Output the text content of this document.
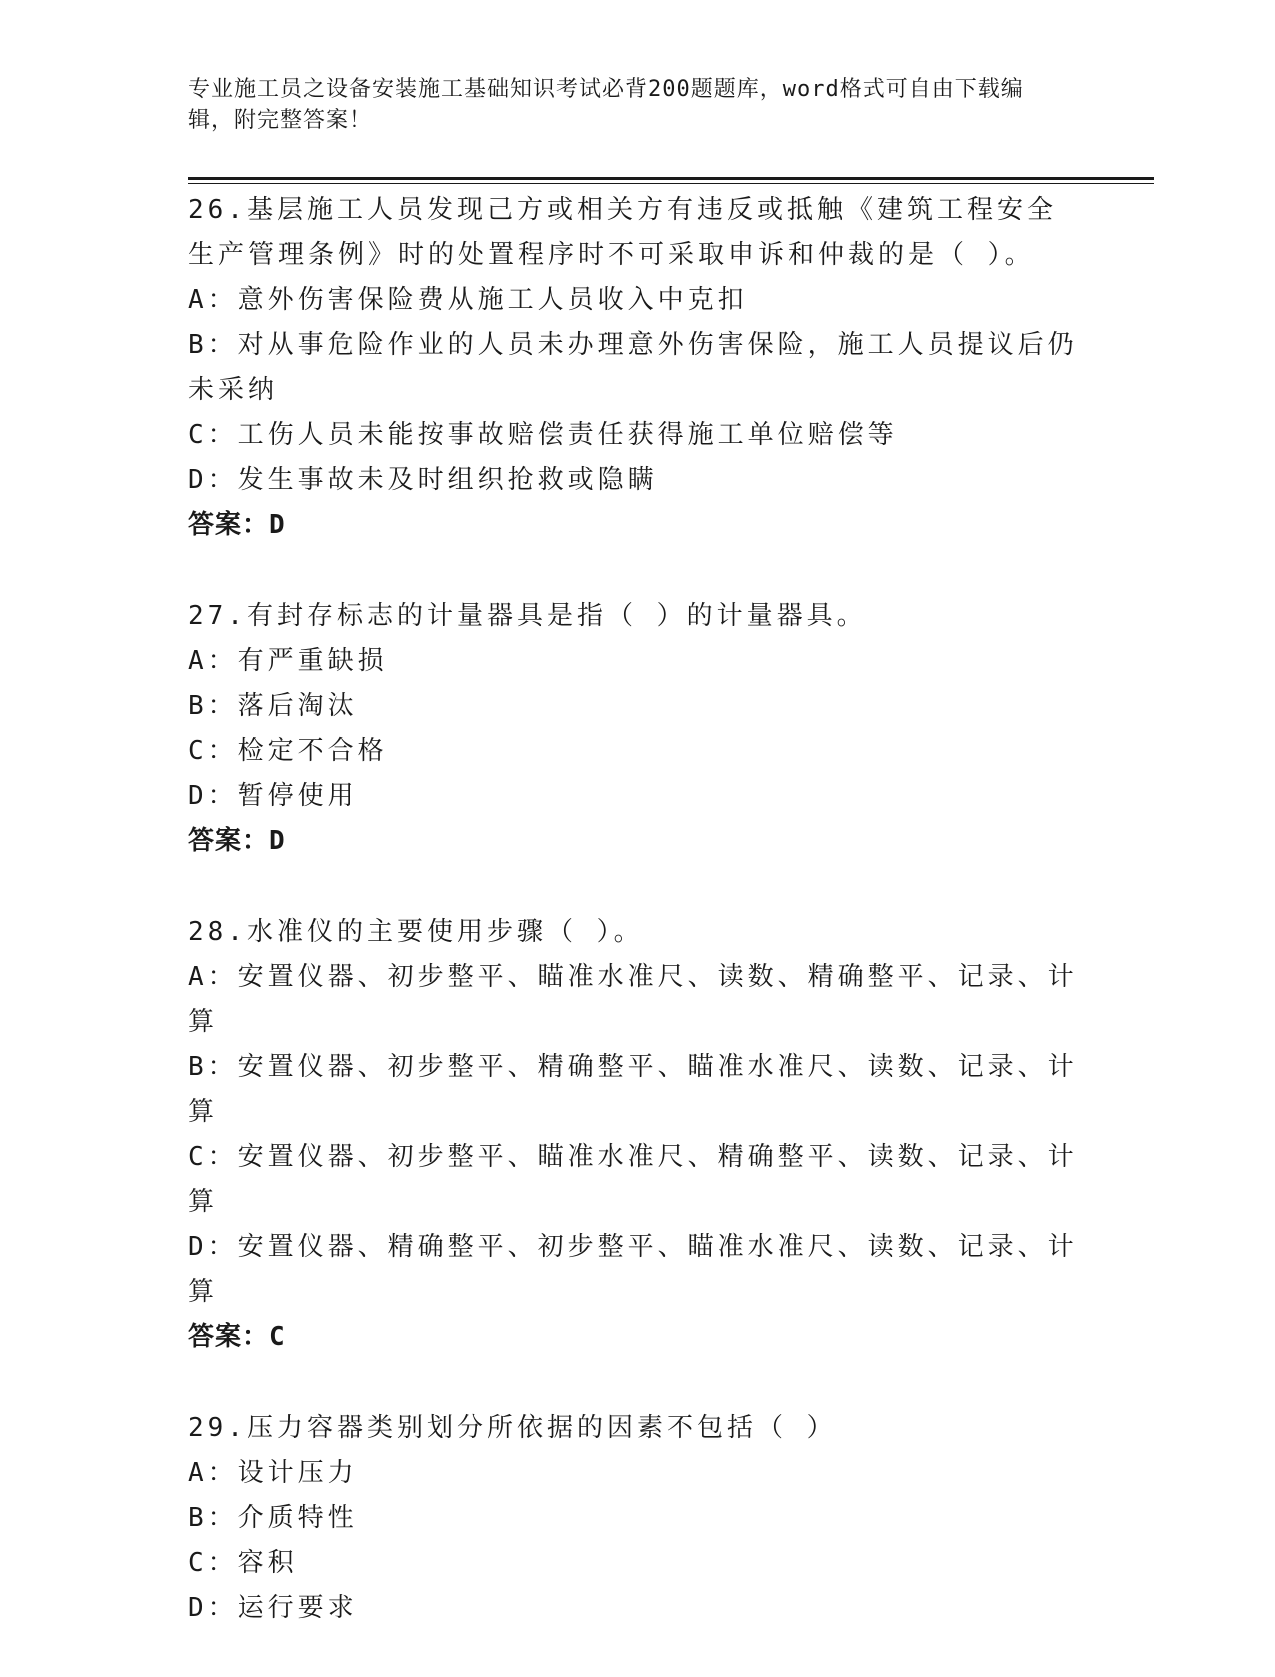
专业施工员之设备安装施工基础知识考试必背200题题库，word格式可自由下载编辑，附完整答案！
26.基层施工人员发现己方或相关方有违反或抵触《建筑工程安全生产管理条例》时的处置程序时不可采取申诉和仲裁的是（ ）。
A：意外伤害保险费从施工人员收入中克扣
B：对从事危险作业的人员未办理意外伤害保险，施工人员提议后仍未采纳
C：工伤人员未能按事故赔偿责任获得施工单位赔偿等
D：发生事故未及时组织抢救或隐瞒
答案：D
27.有封存标志的计量器具是指（ ）的计量器具。
A：有严重缺损
B：落后淘汰
C：检定不合格
D：暂停使用
答案：D
28.水准仪的主要使用步骤（ ）。
A：安置仪器、初步整平、瞄准水准尺、读数、精确整平、记录、计算
B：安置仪器、初步整平、精确整平、瞄准水准尺、读数、记录、计算
C：安置仪器、初步整平、瞄准水准尺、精确整平、读数、记录、计算
D：安置仪器、精确整平、初步整平、瞄准水准尺、读数、记录、计算
答案：C
29.压力容器类别划分所依据的因素不包括（ ）
A：设计压力
B：介质特性
C：容积
D：运行要求
